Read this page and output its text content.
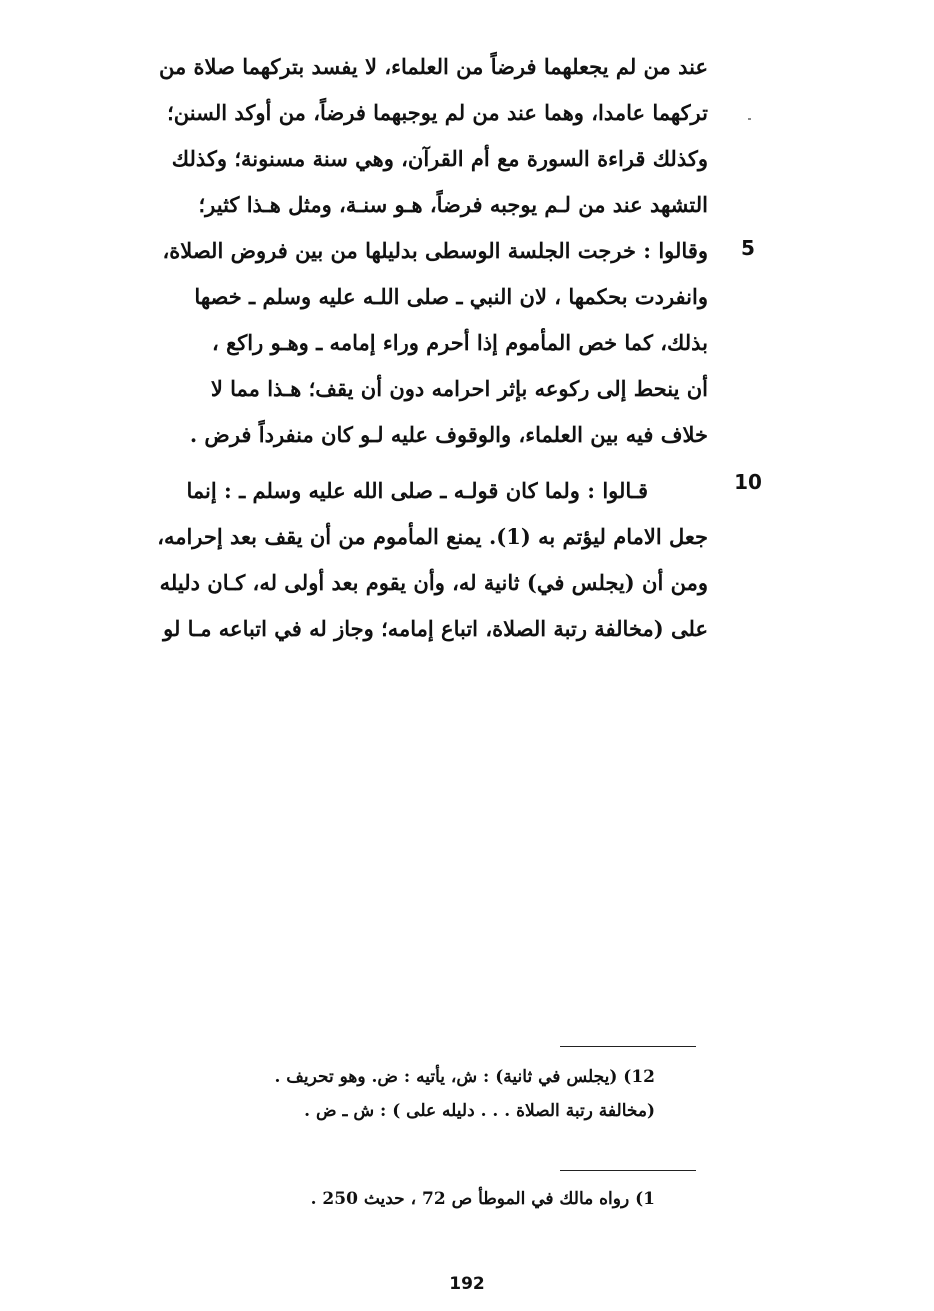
عند من لم يجعلهما فرضاً من العلماء، لا يفسد بتركهما صلاة من
تركهما عامدا، وهما عند من لم يوجبهما فرضاً، من أوكد السنن؛
وكذلك قراءة السورة مع أم القرآن، وهي سنة مسنونة؛ وكذلك
التشهد عند من لـم يوجبه فرضاً، هـو سنـة، ومثل هـذا كثير؛
وقالوا : خرجت الجلسة الوسطى بدليلها من بين فروض الصلاة،
وانفردت بحكمها ، لان النبي ـ صلى اللـه عليه وسلم ـ خصها
بذلك، كما خص المأموم إذا أحرم وراء إمامه ـ وهـو راكع ،
أن ينحط إلى ركوعه بإثر احرامه دون أن يقف؛ هـذا مما لا
خلاف فيه بين العلماء، والوقوف عليه لـو كان منفرداً فرض .
قـالوا : ولما كان قولـه ـ صلى الله عليه وسلم ـ : إنما
جعل الامام ليؤتم به (1). يمنع المأموم من أن يقف بعد إحرامه،
ومن أن (يجلس في) ثانية له، وأن يقوم بعد أولى له، كـان دليله
على (مخالفة رتبة الصلاة، اتباع إمامه؛ وجاز له في اتباعه مـا لو
5
10
12) (يجلس في ثانية) : ش، يأتيه : ض. وهو تحريف .
(مخالفة رتبة الصلاة . . . دليله على ) : ش ـ ض .
1) رواه مالك في الموطأ ص 72 ، حديث 250 .
192
